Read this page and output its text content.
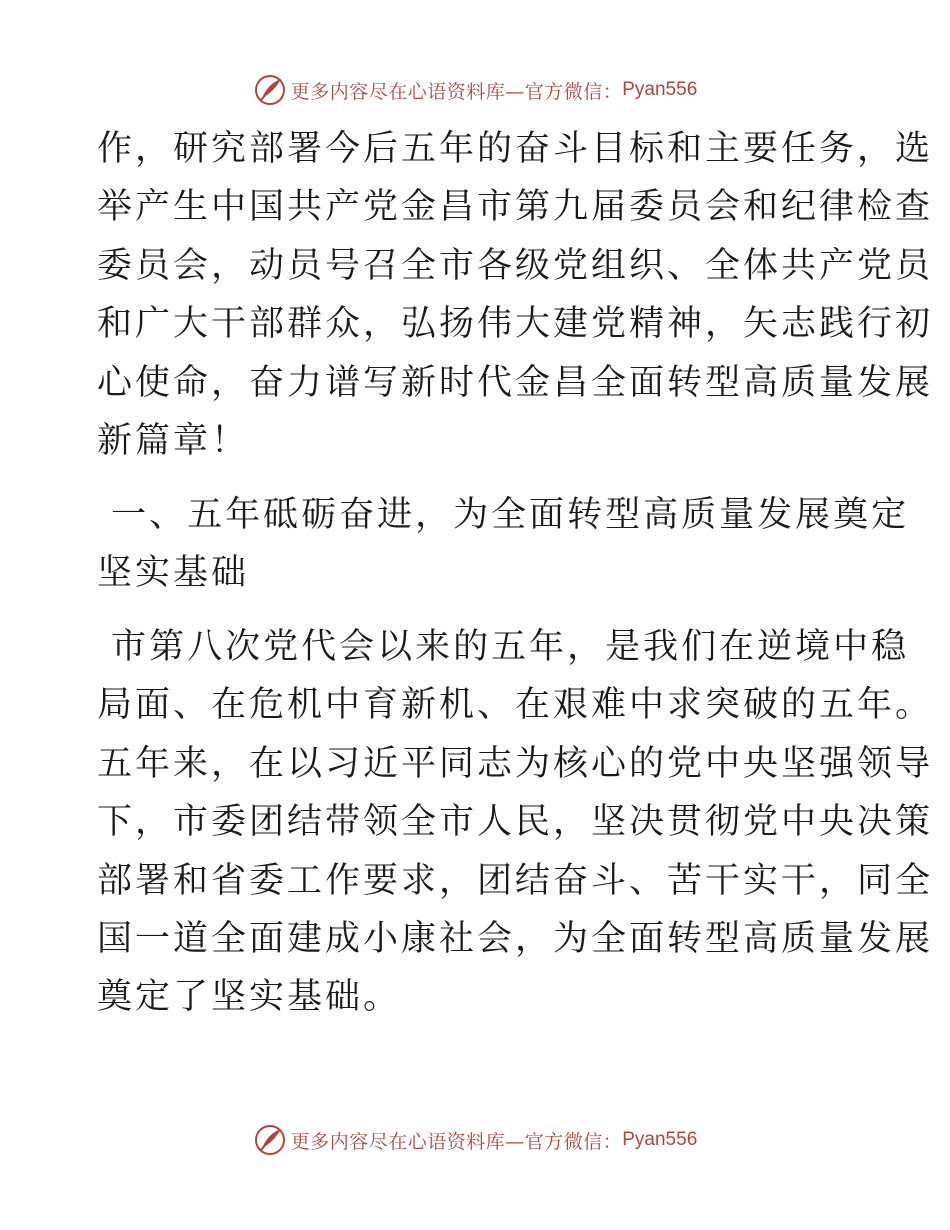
更多内容尽在心语资料库—官方微信： Pyan556
作，研究部署今后五年的奋斗目标和主要任务，选
举产生中国共产党金昌市第九届委员会和纪律检查
委员会，动员号召全市各级党组织、全体共产党员
和广大干部群众，弘扬伟大建党精神，矢志践行初
心使命，奋力谱写新时代金昌全面转型高质量发展
新篇章！
一、五年砥砺奋进，为全面转型高质量发展奠定
坚实基础
市第八次党代会以来的五年，是我们在逆境中稳
局面、在危机中育新机、在艰难中求突破的五年。
五年来，在以习近平同志为核心的党中央坚强领导
下，市委团结带领全市人民，坚决贯彻党中央决策
部署和省委工作要求，团结奋斗、苦干实干，同全
国一道全面建成小康社会，为全面转型高质量发展
奠定了坚实基础。
更多内容尽在心语资料库—官方微信： Pyan556
